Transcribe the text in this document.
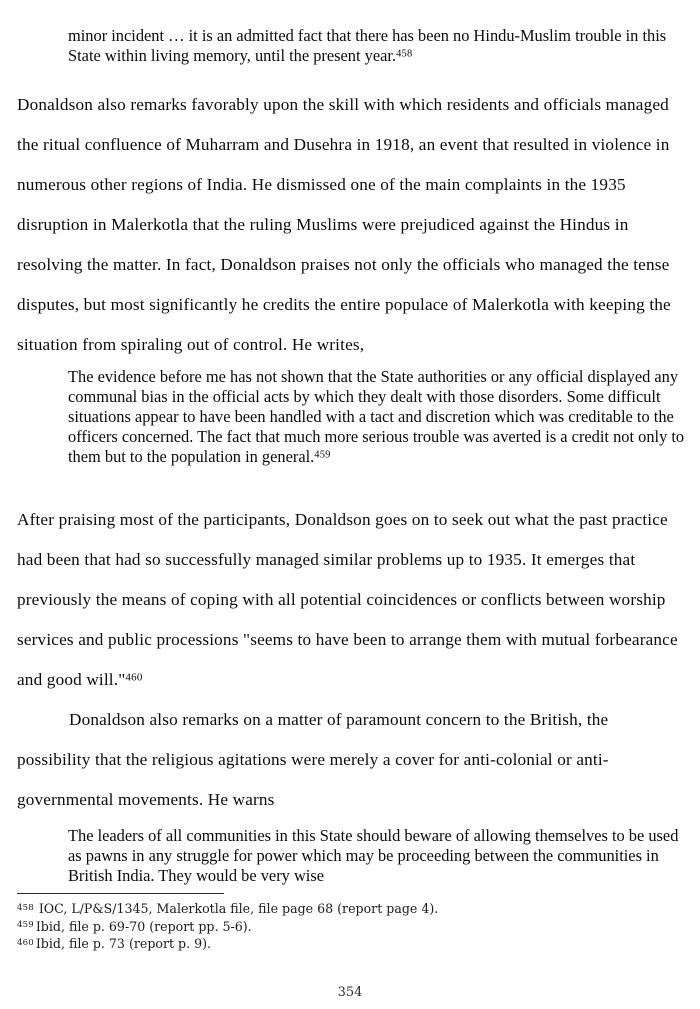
minor incident … it is an admitted fact that there has been no Hindu-Muslim trouble in this State within living memory, until the present year.$^{458}$

Donaldson also remarks favorably upon the skill with which residents and officials managed the ritual confluence of Muharram and Dusehra in 1918, an event that resulted in violence in numerous other regions of India. He dismissed one of the main complaints in the 1935 disruption in Malerkotla that the ruling Muslims were prejudiced against the Hindus in resolving the matter. In fact, Donaldson praises not only the officials who managed the tense disputes, but most significantly he credits the entire populace of Malerkotla with keeping the situation from spiraling out of control. He writes,

The evidence before me has not shown that the State authorities or any official displayed any communal bias in the official acts by which they dealt with those disorders. Some difficult situations appear to have been handled with a tact and discretion which was creditable to the officers concerned. The fact that much more serious trouble was averted is a credit not only to them but to the population in general.$^{459}$

After praising most of the participants, Donaldson goes on to seek out what the past practice had been that had so successfully managed similar problems up to 1935. It emerges that previously the means of coping with all potential coincidences or conflicts between worship services and public processions "seems to have been to arrange them with mutual forbearance and good will."$^{460}$

Donaldson also remarks on a matter of paramount concern to the British, the possibility that the religious agitations were merely a cover for anti-colonial or anti-governmental movements. He warns

The leaders of all communities in this State should beware of allowing themselves to be used as pawns in any struggle for power which may be proceeding between the communities in British India. They would be very wise

$^{458}$ IOC, L/P&S/1345, Malerkotla file, file page 68 (report page 4).
$^{459}$ Ibid, file p. 69-70 (report pp. 5-6).
$^{460}$ Ibid, file p. 73 (report p. 9).
354
